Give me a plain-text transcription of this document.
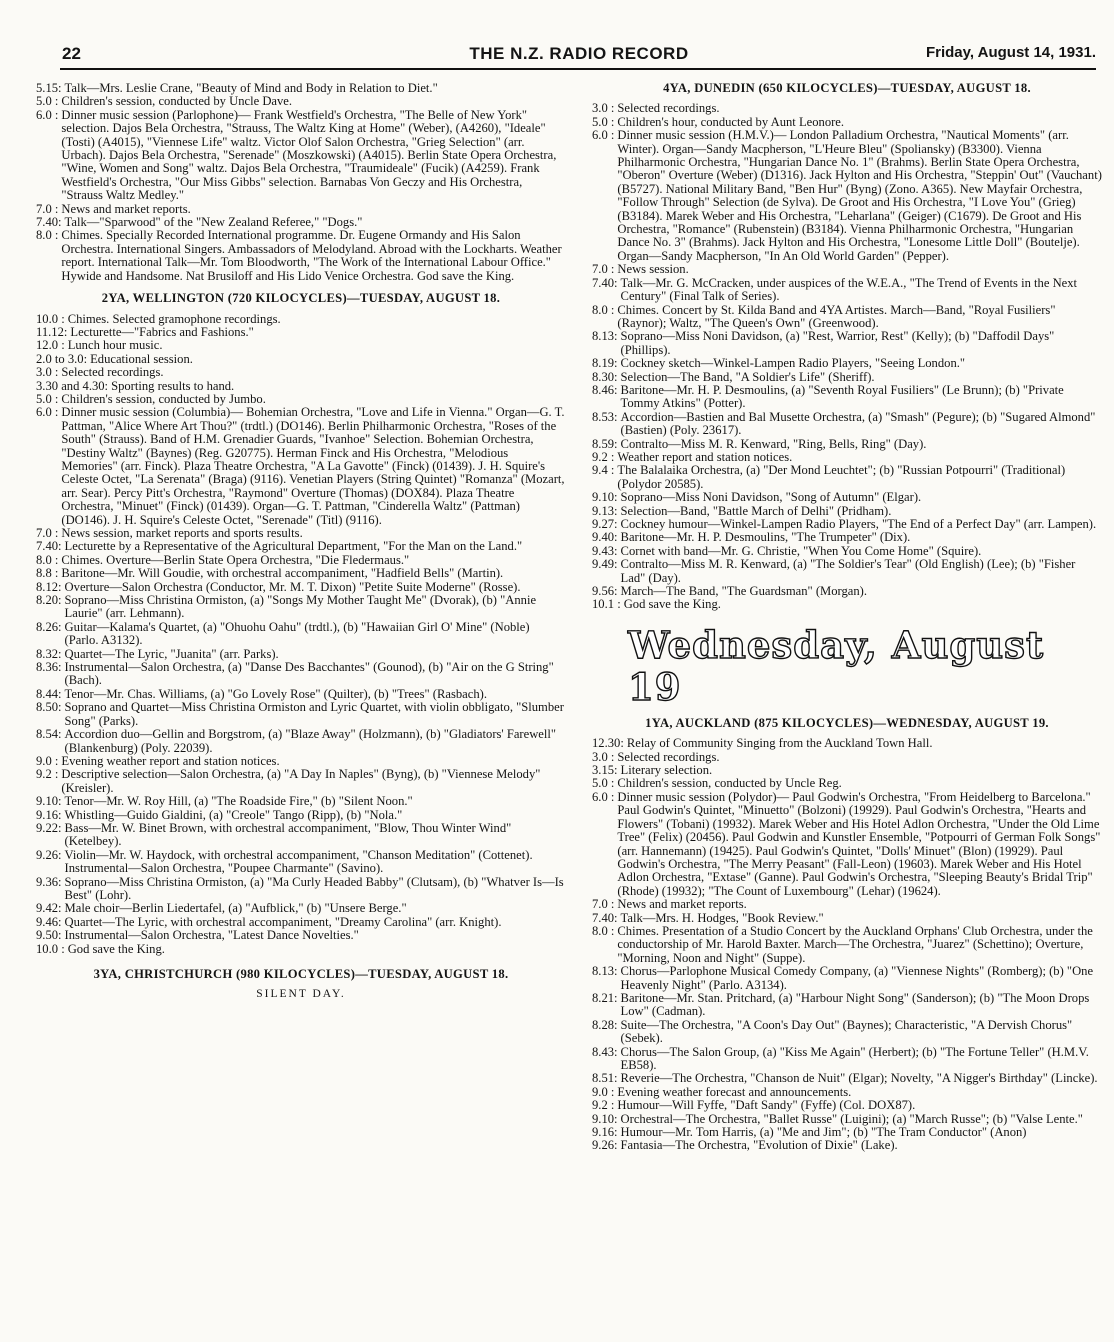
22	THE N.Z. RADIO RECORD	Friday, August 14, 1931.
5.15: Talk—Mrs. Leslie Crane, "Beauty of Mind and Body in Relation to Diet."
5.0 : Children's session, conducted by Uncle Dave.
6.0 : Dinner music session (Parlophone)— Frank Westfield's Orchestra, "The Belle of New York" selection. Dajos Bela Orchestra, "Strauss, The Waltz King at Home" (Weber), (A4260), "Ideale" (Tosti) (A4015), "Viennese Life" waltz. Victor Olof Salon Orchestra, "Grieg Selection" (arr. Urbach). Dajos Bela Orchestra, "Serenade" (Moszkowski) (A4015). Berlin State Opera Orchestra, "Wine, Women and Song" waltz. Dajos Bela Orchestra, "Traumideale" (Fucik) (A4259). Frank Westfield's Orchestra, "Our Miss Gibbs" selection. Barnabas Von Geczy and His Orchestra, "Strauss Waltz Medley."
7.0 : News and market reports.
7.40: Talk—"Sparwood" of the "New Zealand Referee," "Dogs."
8.0 : Chimes. Specially Recorded International programme. Dr. Eugene Ormandy and His Salon Orchestra. International Singers. Ambassadors of Melodyland. Abroad with the Lockharts. Weather report. International Talk—Mr. Tom Bloodworth, "The Work of the International Labour Office." Hywide and Handsome. Nat Brusiloff and His Lido Venice Orchestra. God save the King.
2YA, WELLINGTON (720 KILOCYCLES)—TUESDAY, AUGUST 18.
10.0 : Chimes. Selected gramophone recordings.
11.12: Lecturette—"Fabrics and Fashions."
12.0 : Lunch hour music.
2.0 to 3.0: Educational session.
3.0 : Selected recordings.
3.30 and 4.30: Sporting results to hand.
5.0 : Children's session, conducted by Jumbo.
6.0 : Dinner music session (Columbia)— Bohemian Orchestra, "Love and Life in Vienna." Organ—G. T. Pattman, "Alice Where Art Thou?" (trdtl.) (DO146). Berlin Philharmonic Orchestra, "Roses of the South" (Strauss). Band of H.M. Grenadier Guards, "Ivanhoe" Selection. Bohemian Orchestra, "Destiny Waltz" (Baynes) (Reg. G20775). Herman Finck and His Orchestra, "Melodious Memories" (arr. Finck). Plaza Theatre Orchestra, "A La Gavotte" (Finck) (01439). J. H. Squire's Celeste Octet, "La Serenata" (Braga) (9116). Venetian Players (String Quintet) "Romanza" (Mozart, arr. Sear). Percy Pitt's Orchestra, "Raymond" Overture (Thomas) (DOX84). Plaza Theatre Orchestra, "Minuet" (Finck) (01439). Organ—G. T. Pattman, "Cinderella Waltz" (Pattman) (DO146). J. H. Squire's Celeste Octet, "Serenade" (Titl) (9116).
7.0 : News session, market reports and sports results.
7.40: Lecturette by a Representative of the Agricultural Department, "For the Man on the Land."
8.0 : Chimes. Overture—Berlin State Opera Orchestra, "Die Fledermaus."
8.8 : Baritone—Mr. Will Goudie, with orchestral accompaniment, "Hadfield Bells" (Martin).
8.12: Overture—Salon Orchestra (Conductor, Mr. M. T. Dixon) "Petite Suite Moderne" (Rosse).
8.20: Soprano—Miss Christina Ormiston, (a) "Songs My Mother Taught Me" (Dvorak), (b) "Annie Laurie" (arr. Lehmann).
8.26: Guitar—Kalama's Quartet, (a) "Ohuohu Oahu" (trdtl.), (b) "Hawaiian Girl O' Mine" (Noble) (Parlo. A3132).
8.32: Quartet—The Lyric, "Juanita" (arr. Parks).
8.36: Instrumental—Salon Orchestra, (a) "Danse Des Bacchantes" (Gounod), (b) "Air on the G String" (Bach).
8.44: Tenor—Mr. Chas. Williams, (a) "Go Lovely Rose" (Quilter), (b) "Trees" (Rasbach).
8.50: Soprano and Quartet—Miss Christina Ormiston and Lyric Quartet, with violin obbligato, "Slumber Song" (Parks).
8.54: Accordion duo—Gellin and Borgstrom, (a) "Blaze Away" (Holzmann), (b) "Gladiators' Farewell" (Blankenburg) (Poly. 22039).
9.0 : Evening weather report and station notices.
9.2 : Descriptive selection—Salon Orchestra, (a) "A Day In Naples" (Byng), (b) "Viennese Melody" (Kreisler).
9.10: Tenor—Mr. W. Roy Hill, (a) "The Roadside Fire," (b) "Silent Noon."
9.16: Whistling—Guido Gialdini, (a) "Creole" Tango (Ripp), (b) "Nola."
9.22: Bass—Mr. W. Binet Brown, with orchestral accompaniment, "Blow, Thou Winter Wind" (Ketelbey).
9.26: Violin—Mr. W. Haydock, with orchestral accompaniment, "Chanson Meditation" (Cottenet). Instrumental—Salon Orchestra, "Poupee Charmante" (Savino).
9.36: Soprano—Miss Christina Ormiston, (a) "Ma Curly Headed Babby" (Clutsam), (b) "Whatver Is—Is Best" (Lohr).
9.42: Male choir—Berlin Liedertafel, (a) "Aufblick," (b) "Unsere Berge."
9.46: Quartet—The Lyric, with orchestral accompaniment, "Dreamy Carolina" (arr. Knight).
9.50: Instrumental—Salon Orchestra, "Latest Dance Novelties."
10.0 : God save the King.
3YA, CHRISTCHURCH (980 KILOCYCLES)—TUESDAY, AUGUST 18.
SILENT DAY.
4YA, DUNEDIN (650 KILOCYCLES)—TUESDAY, AUGUST 18.
3.0 : Selected recordings.
5.0 : Children's hour, conducted by Aunt Leonore.
6.0 : Dinner music session (H.M.V.)— London Palladium Orchestra, "Nautical Moments" (arr. Winter). Organ—Sandy Macpherson, "L'Heure Bleu" (Spoliansky) (B3300). Vienna Philharmonic Orchestra, "Hungarian Dance No. 1" (Brahms). Berlin State Opera Orchestra, "Oberon" Overture (Weber) (D1316). Jack Hylton and His Orchestra, "Steppin' Out" (Vauchant) (B5727). National Military Band, "Ben Hur" (Byng) (Zono. A365). New Mayfair Orchestra, "Follow Through" Selection (de Sylva). De Groot and His Orchestra, "I Love You" (Grieg) (B3184). Marek Weber and His Orchestra, "Leharlana" (Geiger) (C1679). De Groot and His Orchestra, "Romance" (Rubenstein) (B3184). Vienna Philharmonic Orchestra, "Hungarian Dance No. 3" (Brahms). Jack Hylton and His Orchestra, "Lonesome Little Doll" (Boutelje). Organ—Sandy Macpherson, "In An Old World Garden" (Pepper).
7.0 : News session.
7.40: Talk—Mr. G. McCracken, under auspices of the W.E.A., "The Trend of Events in the Next Century" (Final Talk of Series).
8.0 : Chimes. Concert by St. Kilda Band and 4YA Artistes. March—Band, "Royal Fusiliers" (Raynor); Waltz, "The Queen's Own" (Greenwood).
8.13: Soprano—Miss Noni Davidson, (a) "Rest, Warrior, Rest" (Kelly); (b) "Daffodil Days" (Phillips).
8.19: Cockney sketch—Winkel-Lampen Radio Players, "Seeing London."
8.30: Selection—The Band, "A Soldier's Life" (Sheriff).
8.46: Baritone—Mr. H. P. Desmoulins, (a) "Seventh Royal Fusiliers" (Le Brunn); (b) "Private Tommy Atkins" (Potter).
8.53: Accordion—Bastien and Bal Musette Orchestra, (a) "Smash" (Pegure); (b) "Sugared Almond" (Bastien) (Poly. 23617).
8.59: Contralto—Miss M. R. Kenward, "Ring, Bells, Ring" (Day).
9.2 : Weather report and station notices.
9.4 : The Balalaika Orchestra, (a) "Der Mond Leuchtet"; (b) "Russian Potpourri" (Traditional) (Polydor 20585).
9.10: Soprano—Miss Noni Davidson, "Song of Autumn" (Elgar).
9.13: Selection—Band, "Battle March of Delhi" (Pridham).
9.27: Cockney humour—Winkel-Lampen Radio Players, "The End of a Perfect Day" (arr. Lampen).
9.40: Baritone—Mr. H. P. Desmoulins, "The Trumpeter" (Dix).
9.43: Cornet with band—Mr. G. Christie, "When You Come Home" (Squire).
9.49: Contralto—Miss M. R. Kenward, (a) "The Soldier's Tear" (Old English) (Lee); (b) "Fisher Lad" (Day).
9.56: March—The Band, "The Guardsman" (Morgan).
10.1 : God save the King.
Wednesday, August 19
1YA, AUCKLAND (875 KILOCYCLES)—WEDNESDAY, AUGUST 19.
12.30: Relay of Community Singing from the Auckland Town Hall.
3.0 : Selected recordings.
3.15: Literary selection.
5.0 : Children's session, conducted by Uncle Reg.
6.0 : Dinner music session (Polydor)— Paul Godwin's Orchestra, "From Heidelberg to Barcelona." Paul Godwin's Quintet, "Minuetto" (Bolzoni) (19929). Paul Godwin's Orchestra, "Hearts and Flowers" (Tobani) (19932). Marek Weber and His Hotel Adlon Orchestra, "Under the Old Lime Tree" (Felix) (20456). Paul Godwin and Kunstler Ensemble, "Potpourri of German Folk Songs" (arr. Hannemann) (19425). Paul Godwin's Quintet, "Dolls' Minuet" (Blon) (19929). Paul Godwin's Orchestra, "The Merry Peasant" (Fall-Leon) (19603). Marek Weber and His Hotel Adlon Orchestra, "Extase" (Ganne). Paul Godwin's Orchestra, "Sleeping Beauty's Bridal Trip" (Rhode) (19932); "The Count of Luxembourg" (Lehar) (19624).
7.0 : News and market reports.
7.40: Talk—Mrs. H. Hodges, "Book Review."
8.0 : Chimes. Presentation of a Studio Concert by the Auckland Orphans' Club Orchestra, under the conductorship of Mr. Harold Baxter. March—The Orchestra, "Juarez" (Schettino); Overture, "Morning, Noon and Night" (Suppe).
8.13: Chorus—Parlophone Musical Comedy Company, (a) "Viennese Nights" (Romberg); (b) "One Heavenly Night" (Parlo. A3134).
8.21: Baritone—Mr. Stan. Pritchard, (a) "Harbour Night Song" (Sanderson); (b) "The Moon Drops Low" (Cadman).
8.28: Suite—The Orchestra, "A Coon's Day Out" (Baynes); Characteristic, "A Dervish Chorus" (Sebek).
8.43: Chorus—The Salon Group, (a) "Kiss Me Again" (Herbert); (b) "The Fortune Teller" (H.M.V. EB58).
8.51: Reverie—The Orchestra, "Chanson de Nuit" (Elgar); Novelty, "A Nigger's Birthday" (Lincke).
9.0 : Evening weather forecast and announcements.
9.2 : Humour—Will Fyffe, "Daft Sandy" (Fyffe) (Col. DOX87).
9.10: Orchestral—The Orchestra, "Ballet Russe" (Luigini); (a) "March Russe"; (b) "Valse Lente."
9.16: Humour—Mr. Tom Harris, (a) "Me and Jim"; (b) "The Tram Conductor" (Anon)
9.26: Fantasia—The Orchestra, "Evolution of Dixie" (Lake).
